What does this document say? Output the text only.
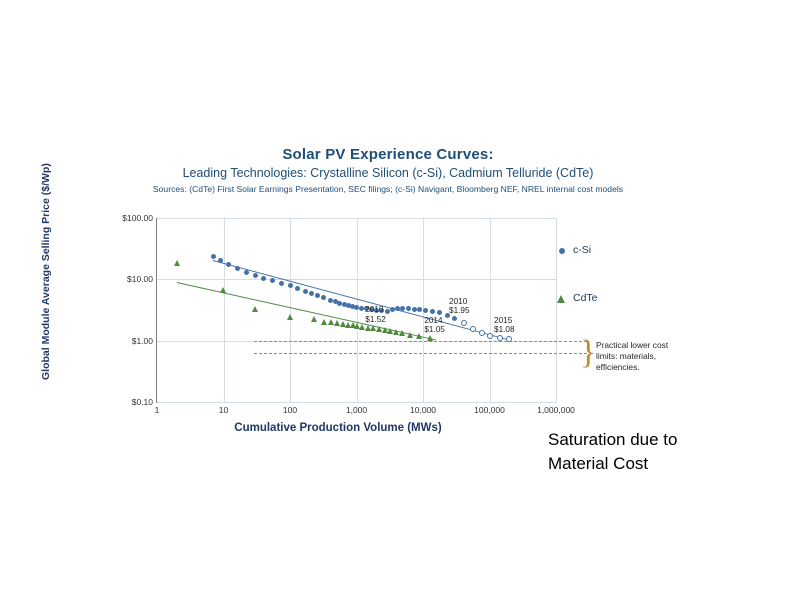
Solar PV Experience Curves:
Leading Technologies: Crystalline Silicon (c-Si), Cadmium Telluride (CdTe)
Sources: (CdTe) First Solar Earnings Presentation, SEC filings; (c-Si) Navigant, Bloomberg NEF, NREL internal cost models
Global Module Average Selling Price ($/Wp)
Cumulative Production Volume (MWs)
$100.00
$10.00
$1.00
$0.10
1	10	100	1,000	10,000	100,000	1,000,000
2010
$1.95
2015
$1.08
2010
$1.52	2014
$1.05
c-Si
CdTe
} Practical lower cost limits: materials, efficiencies.
Saturation due to
Material Cost
